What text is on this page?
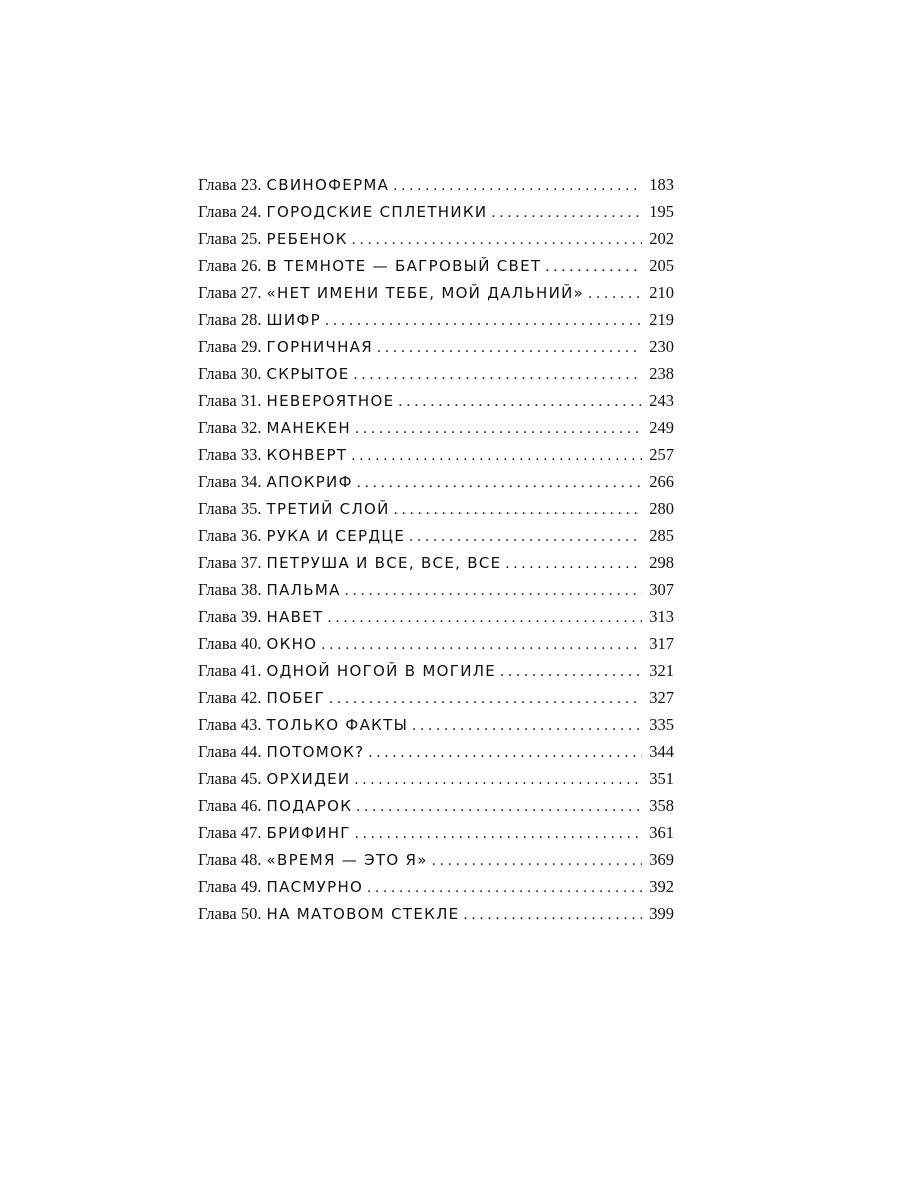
Глава 23. СВИНОФЕРМА . . .	183
Глава 24. ГОРОДСКИЕ СПЛЕТНИКИ . . .	195
Глава 25. РЕБЕНОК . . .	202
Глава 26. В ТЕМНОТЕ — БАГРОВЫЙ СВЕТ . . .	205
Глава 27. «НЕТ ИМЕНИ ТЕБЕ, МОЙ ДАЛЬНИЙ» . . .	210
Глава 28. ШИФР . . .	219
Глава 29. ГОРНИЧНАЯ . . .	230
Глава 30. СКРЫТОЕ . . .	238
Глава 31. НЕВЕРОЯТНОЕ . . .	243
Глава 32. МАНЕКЕН . . .	249
Глава 33. КОНВЕРТ . . .	257
Глава 34. АПОКРИФ . . .	266
Глава 35. ТРЕТИЙ СЛОЙ . . .	280
Глава 36. РУКА И СЕРДЦЕ . . .	285
Глава 37. ПЕТРУША И ВСЕ, ВСЕ, ВСЕ . . .	298
Глава 38. ПАЛЬМА . . .	307
Глава 39. НАВЕТ . . .	313
Глава 40. ОКНО . . .	317
Глава 41. ОДНОЙ НОГОЙ В МОГИЛЕ . . .	321
Глава 42. ПОБЕГ . . .	327
Глава 43. ТОЛЬКО ФАКТЫ . . .	335
Глава 44. ПОТОМОК? . . .	344
Глава 45. ОРХИДЕИ . . .	351
Глава 46. ПОДАРОК . . .	358
Глава 47. БРИФИНГ . . .	361
Глава 48. «ВРЕМЯ — ЭТО Я» . . .	369
Глава 49. ПАСМУРНО . . .	392
Глава 50. НА МАТОВОМ СТЕКЛЕ . . .	399
